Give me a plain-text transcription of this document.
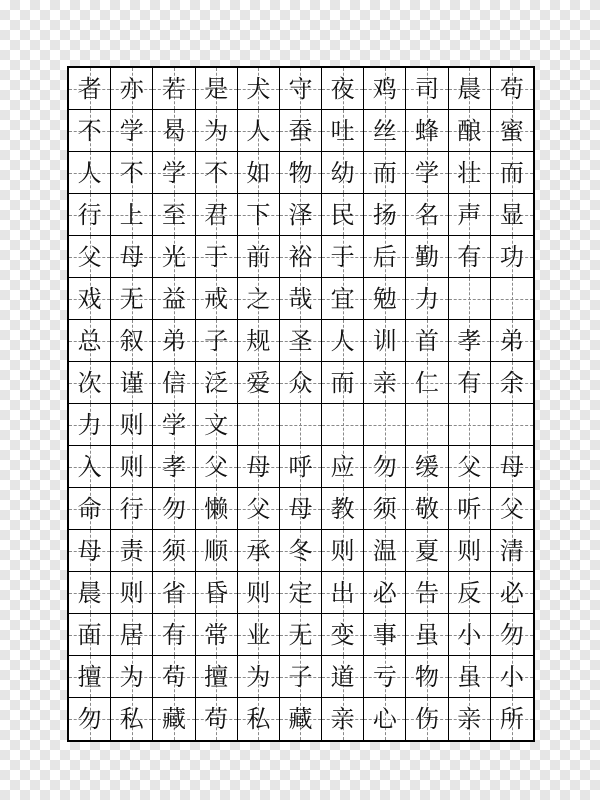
者 亦 若 是 犬 守 夜 鸡 司 晨 苟
不 学 曷 为 人 蚕 吐 丝 蜂 酿 蜜
人 不 学 不 如 物 幼 而 学 壮 而
行 上 至 君 下 泽 民 扬 名 声 显
父 母 光 于 前 裕 于 后 勤 有 功
戏 无 益 戒 之 哉 宜 勉 力
总 叙 弟 子 规 圣 人 训 首 孝 弟
次 谨 信 泛 爱 众 而 亲 仁 有 余
力 则 学 文
入 则 孝 父 母 呼 应 勿 缓 父 母
命 行 勿 懒 父 母 教 须 敬 听 父
母 责 须 顺 承 冬 则 温 夏 则 清
晨 则 省 昏 则 定 出 必 告 反 必
面 居 有 常 业 无 变 事 虽 小 勿
擅 为 苟 擅 为 子 道 亏 物 虽 小
勿 私 藏 苟 私 藏 亲 心 伤 亲 所
